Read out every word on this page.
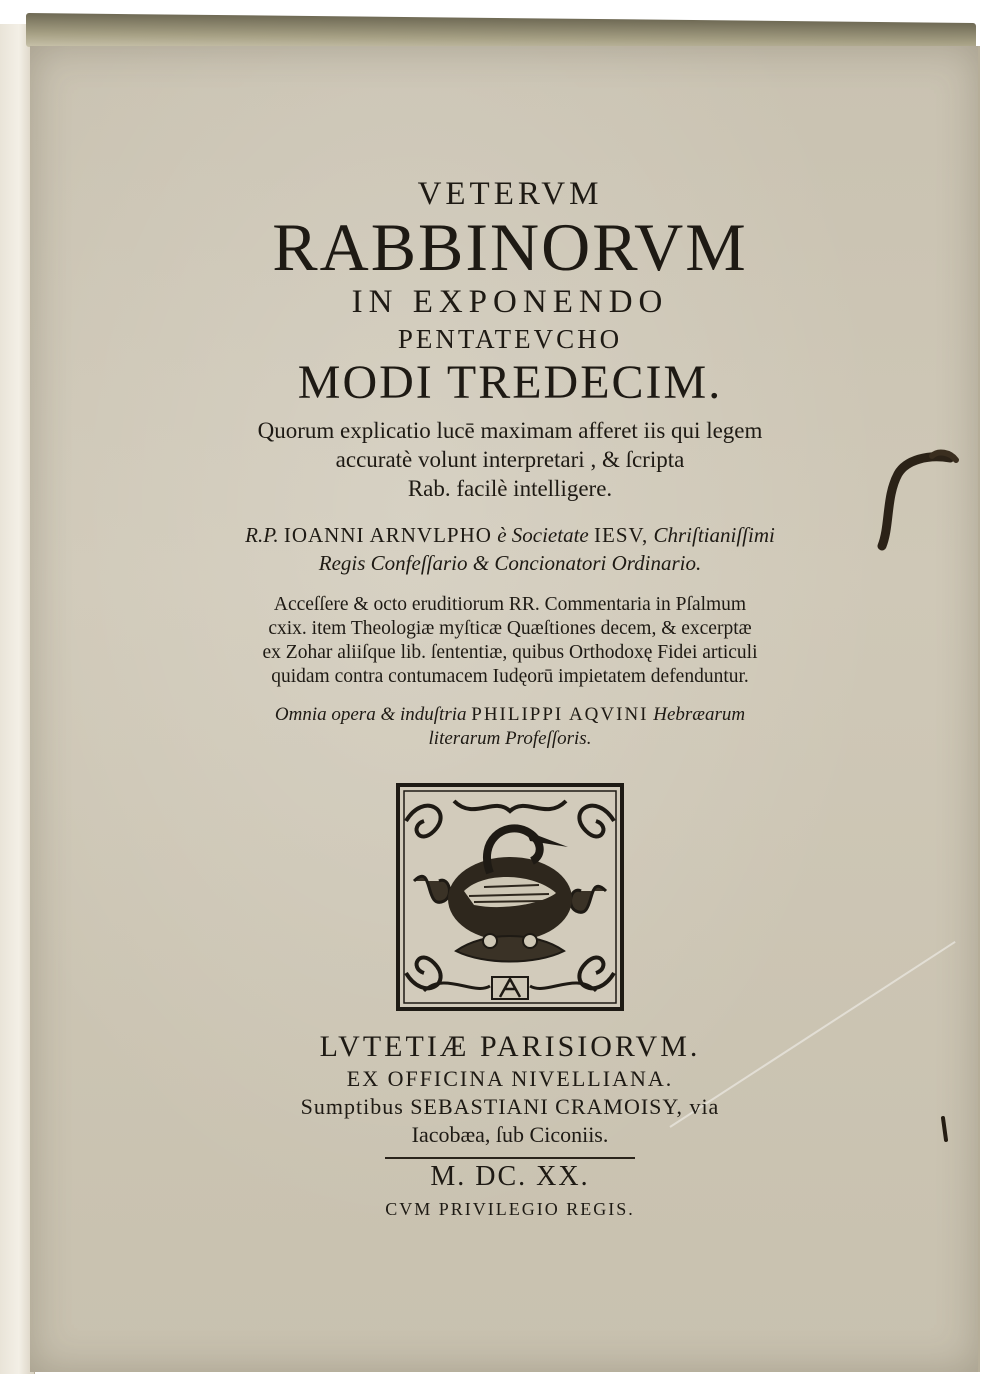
VETERVM

RABBINORVM

IN EXPONENDO

PENTATEVCHO

MODI TREDECIM.

Quorum explicatio lucē maximam afferet iis qui legem

accuratè volunt interpretari , & ſcripta

Rab. facilè intelligere.

R.P. IOANNI ARNVLPHO è Societate IESV, Chriſtianiſſimi
Regis Confeſſario & Concionatori Ordinario.
Acceſſere & octo eruditiorum RR. Commentaria in Pſalmum
cxix. item Theologiæ myſticæ Quæſtiones decem, & excerptæ
ex Zohar aliiſque lib. ſententiæ, quibus Orthodoxę Fidei articuli
quidam contra contumacem Iudęorū impietatem defenduntur.
Omnia opera & induſtria PHILIPPI AQVINI Hebræarum
literarum Profeſſoris.

LVTETIÆ PARISIORVM.

EX OFFICINA NIVELLIANA.

Sumptibus SEBASTIANI CRAMOISY, via

Iacobæa, ſub Ciconiis.

M. DC. XX.

CVM PRIVILEGIO REGIS.
